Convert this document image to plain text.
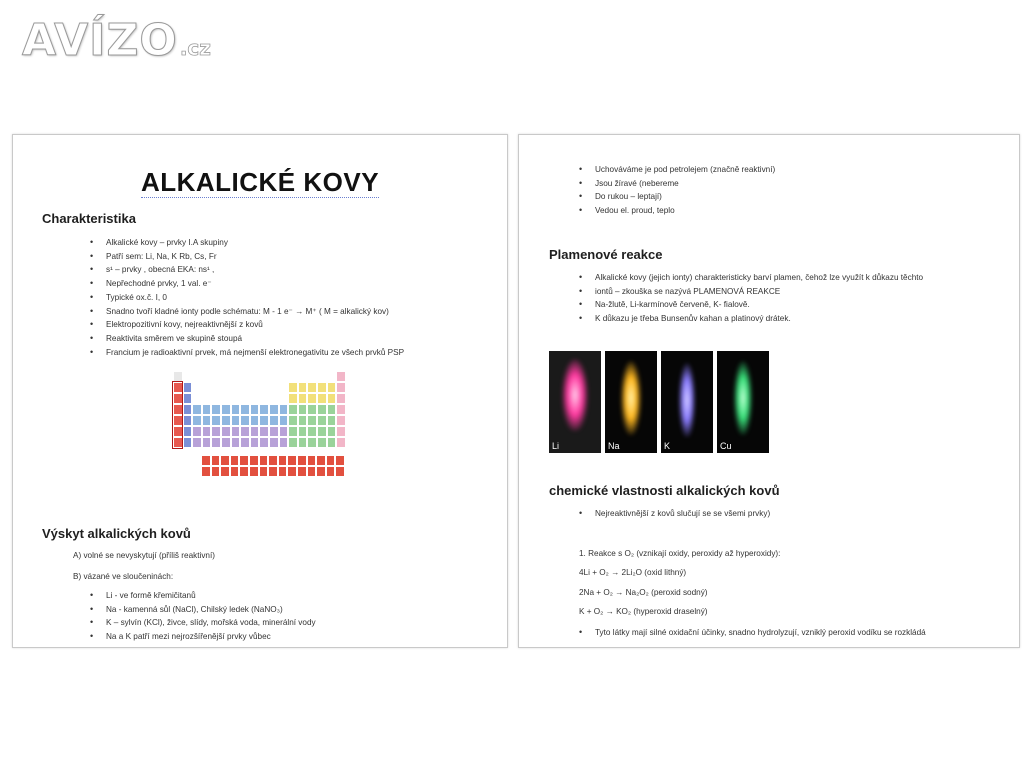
AVÍZO .cz
ALKALICKÉ KOVY
Charakteristika
• Alkalické kovy – prvky I.A skupiny
• Patří sem: Li, Na, K Rb, Cs, Fr
• s¹ – prvky , obecná EKA: ns¹ ,
• Nepřechodné prvky, 1 val. e⁻
• Typické ox.č. I, 0
• Snadno tvoří kladné ionty podle schématu: M - 1 e⁻ → M⁺ ( M = alkalický kov)
• Elektropozitivní kovy, nejreaktivnější z kovů
• Reaktivita směrem ve skupině stoupá
• Francium je radioaktivní prvek, má nejmenší elektronegativitu ze všech prvků PSP
Výskyt alkalických kovů
A) volné se nevyskytují (příliš reaktivní)
B) vázané ve sloučeninách:
• Li - ve formě křemičitanů
• Na - kamenná sůl (NaCl), Chilský ledek (NaNO₃)
• K – sylvín (KCl), živce, slídy, mořská voda, minerální vody
• Na a K patří mezi nejrozšířenější prvky vůbec
• Uchováváme je pod petrolejem (značně reaktivní)
• Jsou žíravé (nebereme
• Do rukou – leptají)
• Vedou el. proud, teplo
Plamenové reakce
• Alkalické kovy (jejich ionty) charakteristicky barví plamen, čehož lze využít k důkazu těchto
• iontů – zkouška se nazývá PLAMENOVÁ REAKCE

• Na-žlutě, Li-karmínově červeně, K- fialově.
• K důkazu je třeba Bunsenův kahan a platinový drátek.
Li	Na	K	Cu
chemické vlastnosti alkalických kovů
• Nejreaktivnější z kovů slučují se se všemi prvky)
1. Reakce s O₂ (vznikají oxidy, peroxidy až hyperoxidy):
4Li + O₂ → 2Li₂O (oxid lithný)
2Na + O₂ → Na₂O₂ (peroxid sodný)
K + O₂ → KO₂ (hyperoxid draselný)
• Tyto látky mají silné oxidační účinky, snadno hydrolyzují, vzniklý peroxid vodíku se rozkládá
